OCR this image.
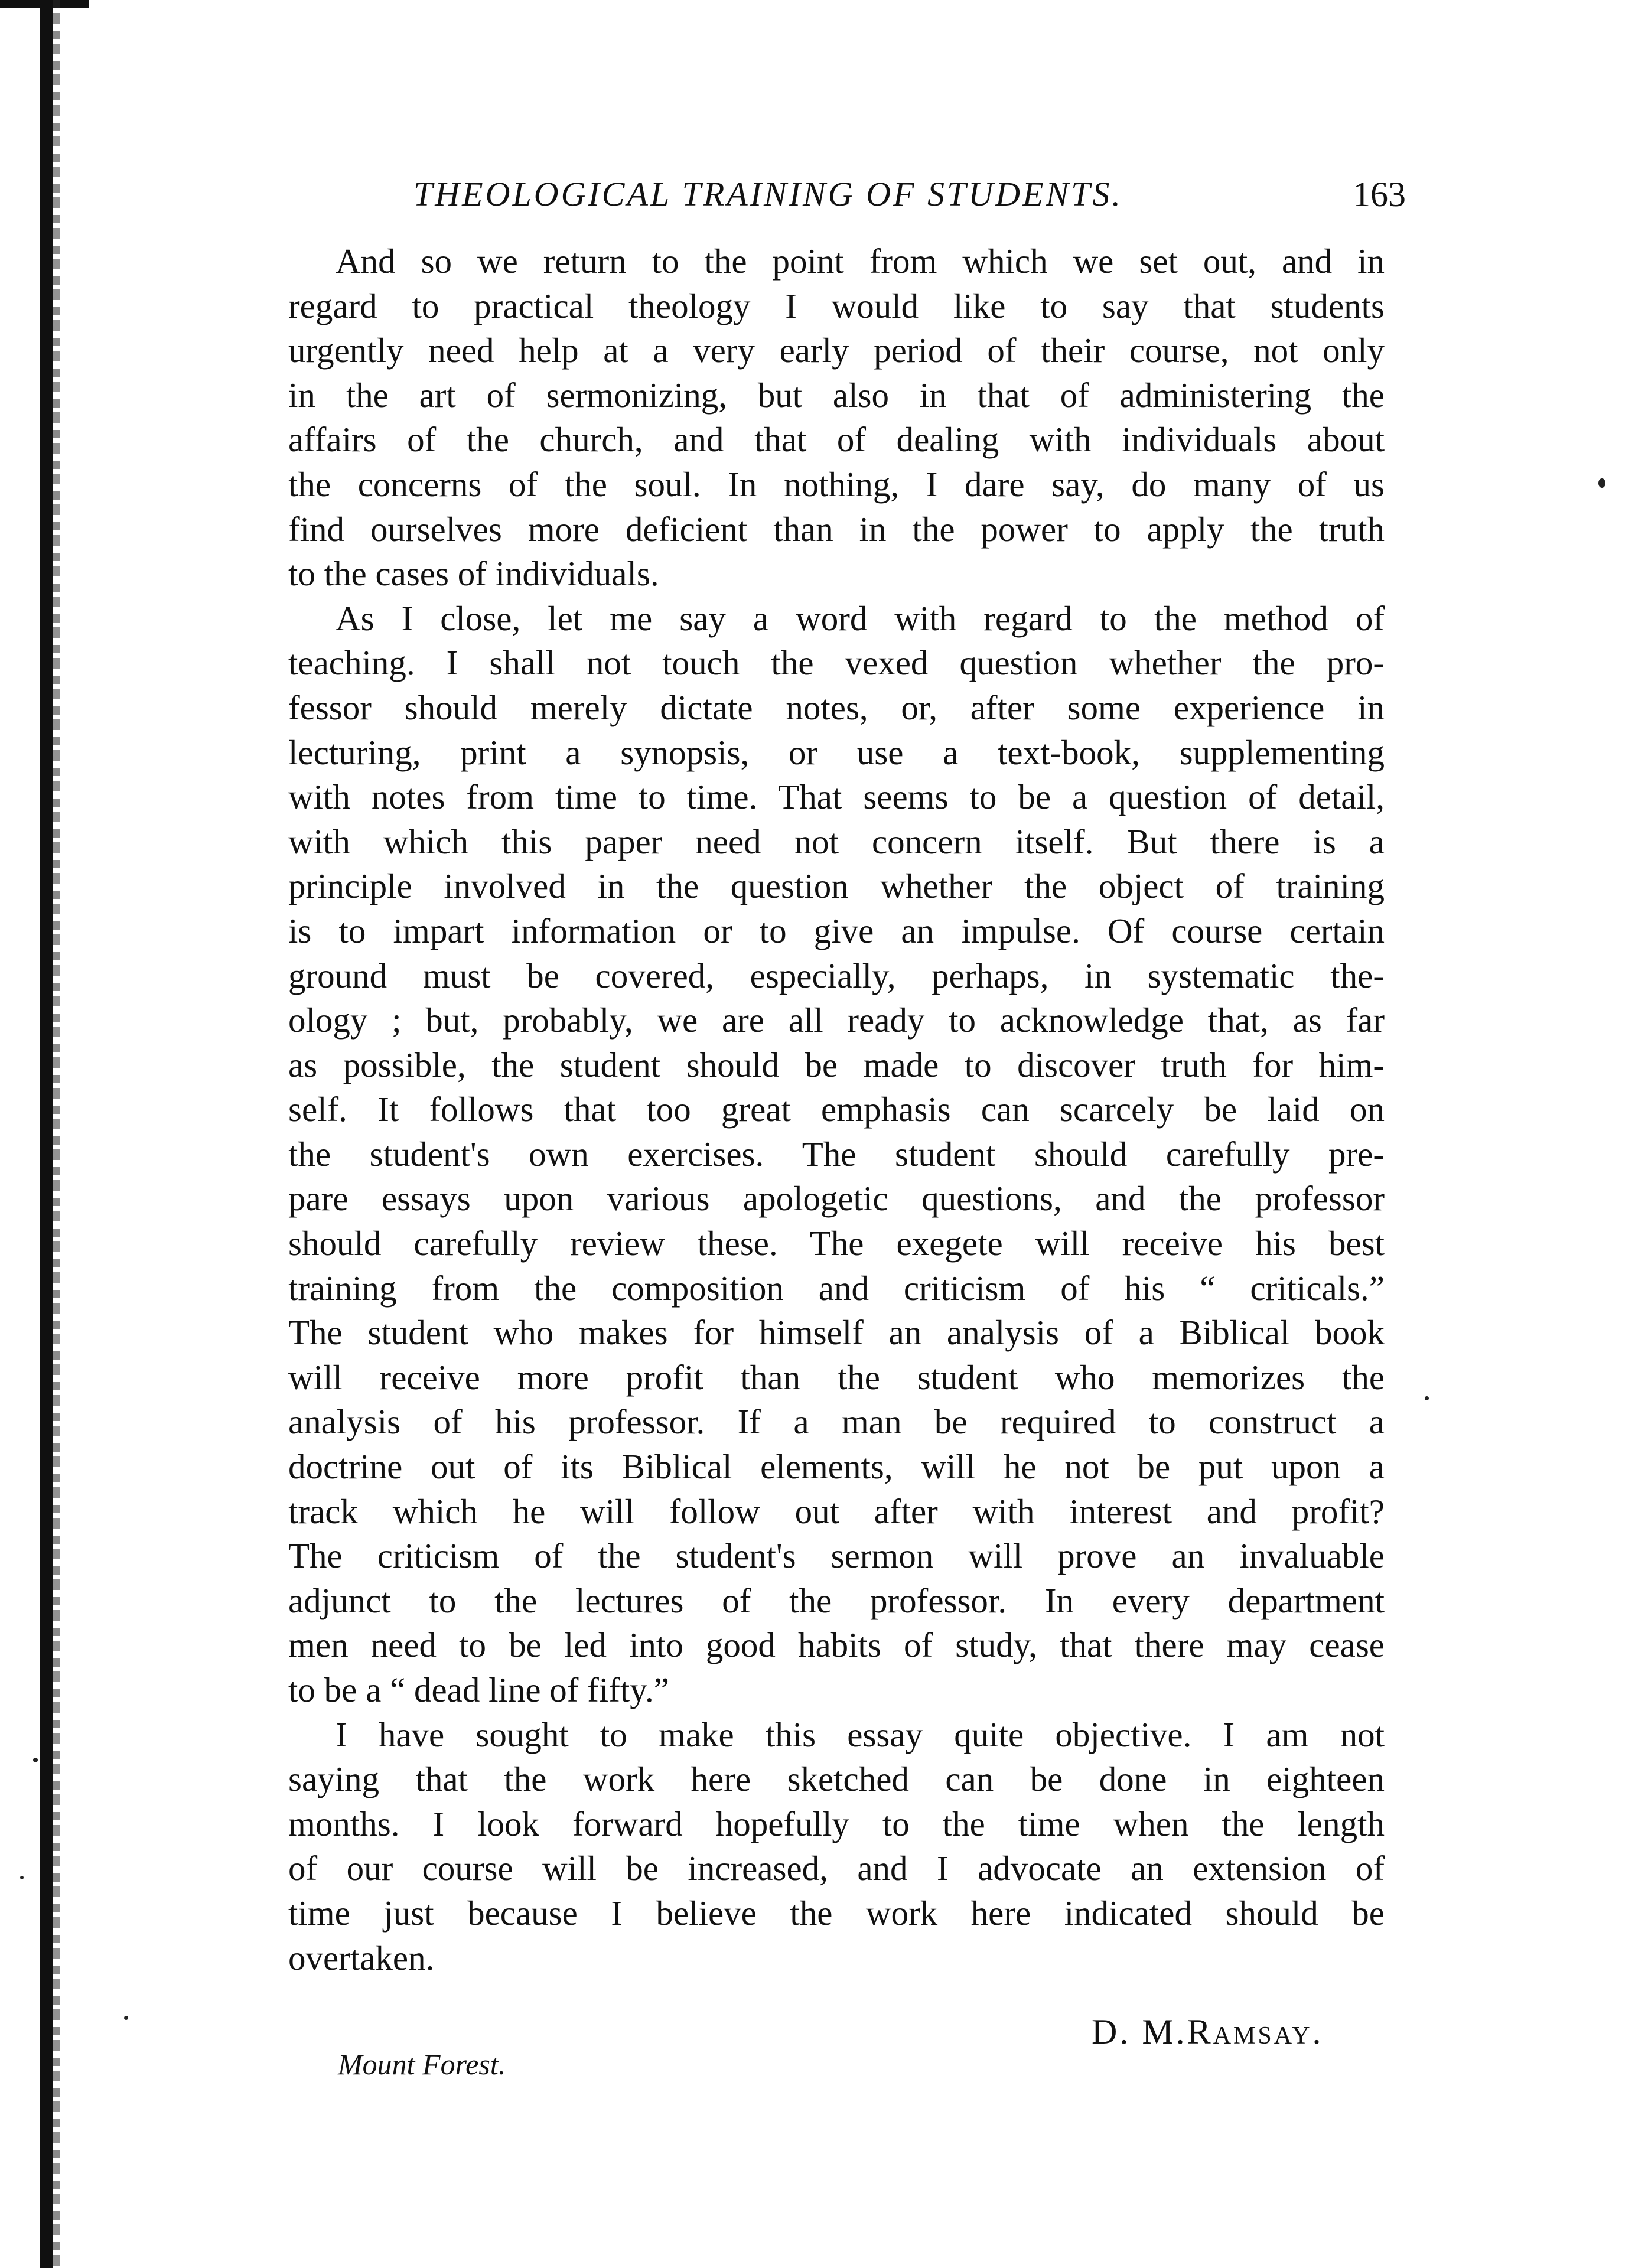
THEOLOGICAL TRAINING OF STUDENTS.	163
And so we return to the point from which we set out, and in
regard to practical theology I would like to say that students
urgently need help at a very early period of their course, not only
in the art of sermonizing, but also in that of administering the
affairs of the church, and that of dealing with individuals about
the concerns of the soul. In nothing, I dare say, do many of us
find ourselves more deficient than in the power to apply the truth
to the cases of individuals.
As I close, let me say a word with regard to the method of
teaching. I shall not touch the vexed question whether the pro-
fessor should merely dictate notes, or, after some experience in
lecturing, print a synopsis, or use a text-book, supplementing
with notes from time to time. That seems to be a question of detail,
with which this paper need not concern itself. But there is a
principle involved in the question whether the object of training
is to impart information or to give an impulse. Of course certain
ground must be covered, especially, perhaps, in systematic the-
ology ; but, probably, we are all ready to acknowledge that, as far
as possible, the student should be made to discover truth for him-
self. It follows that too great emphasis can scarcely be laid on
the student's own exercises. The student should carefully pre-
pare essays upon various apologetic questions, and the professor
should carefully review these. The exegete will receive his best
training from the composition and criticism of his “ criticals.”
The student who makes for himself an analysis of a Biblical book
will receive more profit than the student who memorizes the
analysis of his professor. If a man be required to construct a
doctrine out of its Biblical elements, will he not be put upon a
track which he will follow out after with interest and profit?
The criticism of the student's sermon will prove an invaluable
adjunct to the lectures of the professor. In every department
men need to be led into good habits of study, that there may cease
to be a “ dead line of fifty.”
I have sought to make this essay quite objective. I am not
saying that the work here sketched can be done in eighteen
months. I look forward hopefully to the time when the length
of our course will be increased, and I advocate an extension of
time just because I believe the work here indicated should be
overtaken.
D. M.Ramsay.
Mount Forest.
